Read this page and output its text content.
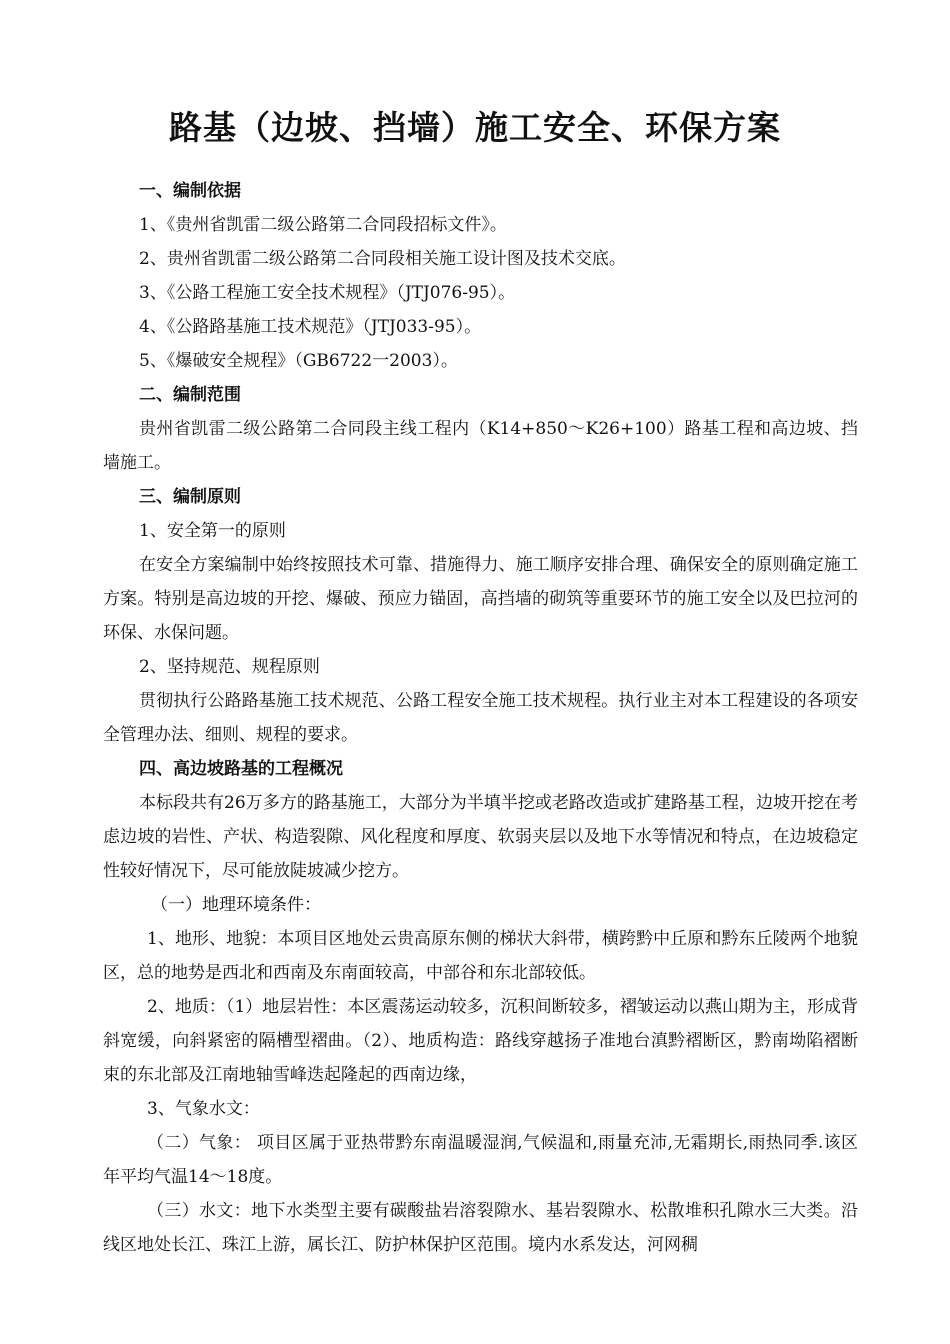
路基（边坡、挡墙）施工安全、环保方案

一、编制依据

1、《贵州省凯雷二级公路第二合同段招标文件》。

2、贵州省凯雷二级公路第二合同段相关施工设计图及技术交底。

3、《公路工程施工安全技术规程》（JTJ076-95）。

4、《公路路基施工技术规范》（JTJ033-95）。

5、《爆破安全规程》（GB6722一2003）。

二、编制范围

贵州省凯雷二级公路第二合同段主线工程内（K14+850～K26+100）路基工程和高边坡、挡墙施工。

三、编制原则

1、安全第一的原则

在安全方案编制中始终按照技术可靠、措施得力、施工顺序安排合理、确保安全的原则确定施工方案。特别是高边坡的开挖、爆破、预应力锚固，高挡墙的砌筑等重要环节的施工安全以及巴拉河的环保、水保问题。

2、坚持规范、规程原则

贯彻执行公路路基施工技术规范、公路工程安全施工技术规程。执行业主对本工程建设的各项安全管理办法、细则、规程的要求。

四、高边坡路基的工程概况

本标段共有26万多方的路基施工，大部分为半填半挖或老路改造或扩建路基工程，边坡开挖在考虑边坡的岩性、产状、构造裂隙、风化程度和厚度、软弱夹层以及地下水等情况和特点，在边坡稳定性较好情况下，尽可能放陡坡减少挖方。

（一）地理环境条件：

1、地形、地貌：本项目区地处云贵高原东侧的梯状大斜带，横跨黔中丘原和黔东丘陵两个地貌区，总的地势是西北和西南及东南面较高，中部谷和东北部较低。

2、地质：（1）地层岩性：本区震荡运动较多，沉积间断较多，褶皱运动以燕山期为主，形成背斜宽缓，向斜紧密的隔槽型褶曲。（2）、地质构造：路线穿越扬子准地台滇黔褶断区，黔南坳陷褶断束的东北部及江南地轴雪峰迭起隆起的西南边缘，

3、气象水文：

（二）气象： 项目区属于亚热带黔东南温暖湿润,气候温和,雨量充沛,无霜期长,雨热同季.该区年平均气温14～18度。

（三）水文：地下水类型主要有碳酸盐岩溶裂隙水、基岩裂隙水、松散堆积孔隙水三大类。沿线区地处长江、珠江上游，属长江、防护林保护区范围。境内水系发达，河网稠
